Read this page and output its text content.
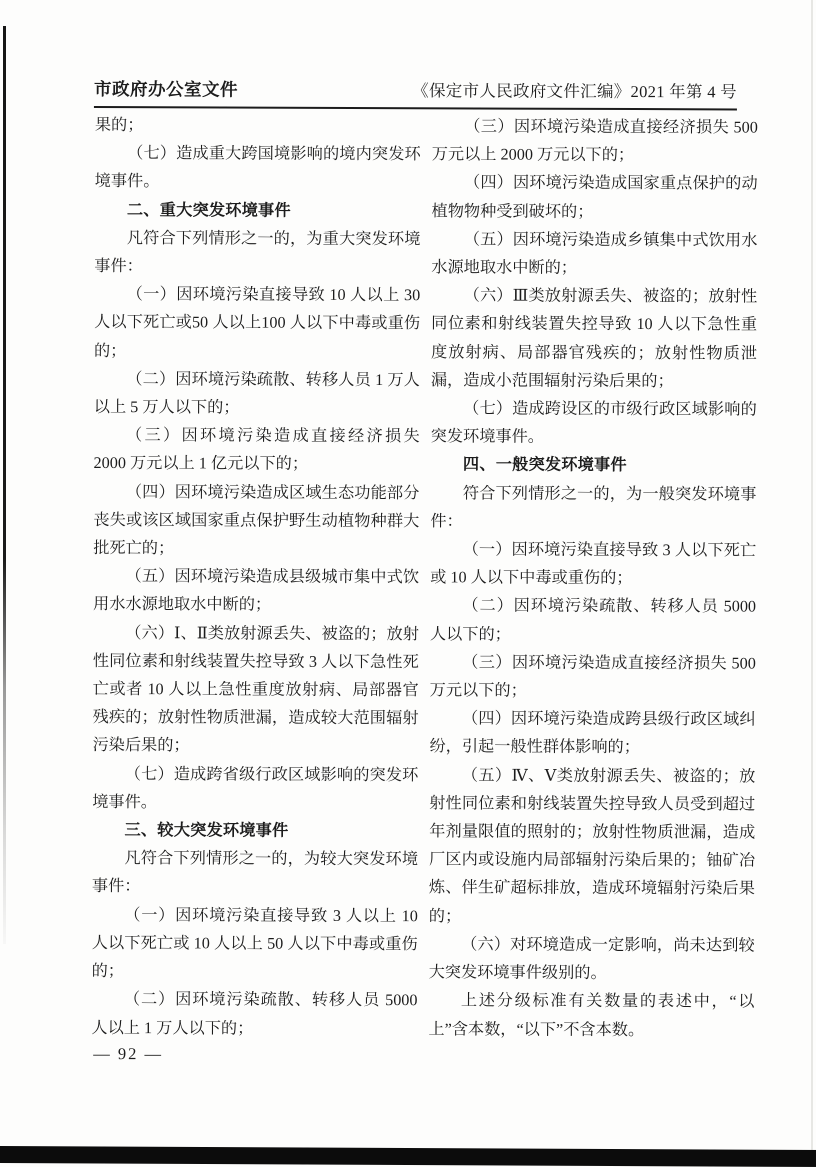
市政府办公室文件	《保定市人民政府文件汇编》2021 年第 4 号

果的；

（七）造成重大跨国境影响的境内突发环境事件。

二、重大突发环境事件

凡符合下列情形之一的，为重大突发环境事件：

（一）因环境污染直接导致 10 人以上 30 人以下死亡或50 人以上100 人以下中毒或重伤的；

（二）因环境污染疏散、转移人员 1 万人以上 5 万人以下的；

（三）因环境污染造成直接经济损失 2000 万元以上 1 亿元以下的；

（四）因环境污染造成区域生态功能部分丧失或该区域国家重点保护野生动植物种群大批死亡的；

（五）因环境污染造成县级城市集中式饮用水水源地取水中断的；

（六）Ⅰ、Ⅱ类放射源丢失、被盗的；放射性同位素和射线装置失控导致 3 人以下急性死亡或者 10 人以上急性重度放射病、局部器官残疾的；放射性物质泄漏，造成较大范围辐射污染后果的；

（七）造成跨省级行政区域影响的突发环境事件。

三、较大突发环境事件

凡符合下列情形之一的，为较大突发环境事件：

（一）因环境污染直接导致 3 人以上 10 人以下死亡或 10 人以上 50 人以下中毒或重伤的；

（二）因环境污染疏散、转移人员 5000 人以上 1 万人以下的；

（三）因环境污染造成直接经济损失 500 万元以上 2000 万元以下的；

（四）因环境污染造成国家重点保护的动植物物种受到破坏的；

（五）因环境污染造成乡镇集中式饮用水水源地取水中断的；

（六）Ⅲ类放射源丢失、被盗的；放射性同位素和射线装置失控导致 10 人以下急性重度放射病、局部器官残疾的；放射性物质泄漏，造成小范围辐射污染后果的；

（七）造成跨设区的市级行政区域影响的突发环境事件。

四、一般突发环境事件

符合下列情形之一的，为一般突发环境事件：

（一）因环境污染直接导致 3 人以下死亡或 10 人以下中毒或重伤的；

（二）因环境污染疏散、转移人员 5000 人以下的；

（三）因环境污染造成直接经济损失 500 万元以下的；

（四）因环境污染造成跨县级行政区域纠纷，引起一般性群体影响的；

（五）Ⅳ、Ⅴ类放射源丢失、被盗的；放射性同位素和射线装置失控导致人员受到超过年剂量限值的照射的；放射性物质泄漏，造成厂区内或设施内局部辐射污染后果的；铀矿冶炼、伴生矿超标排放，造成环境辐射污染后果的；

（六）对环境造成一定影响，尚未达到较大突发环境事件级别的。

上述分级标准有关数量的表述中，“以上”含本数，“以下”不含本数。

— 92 —
